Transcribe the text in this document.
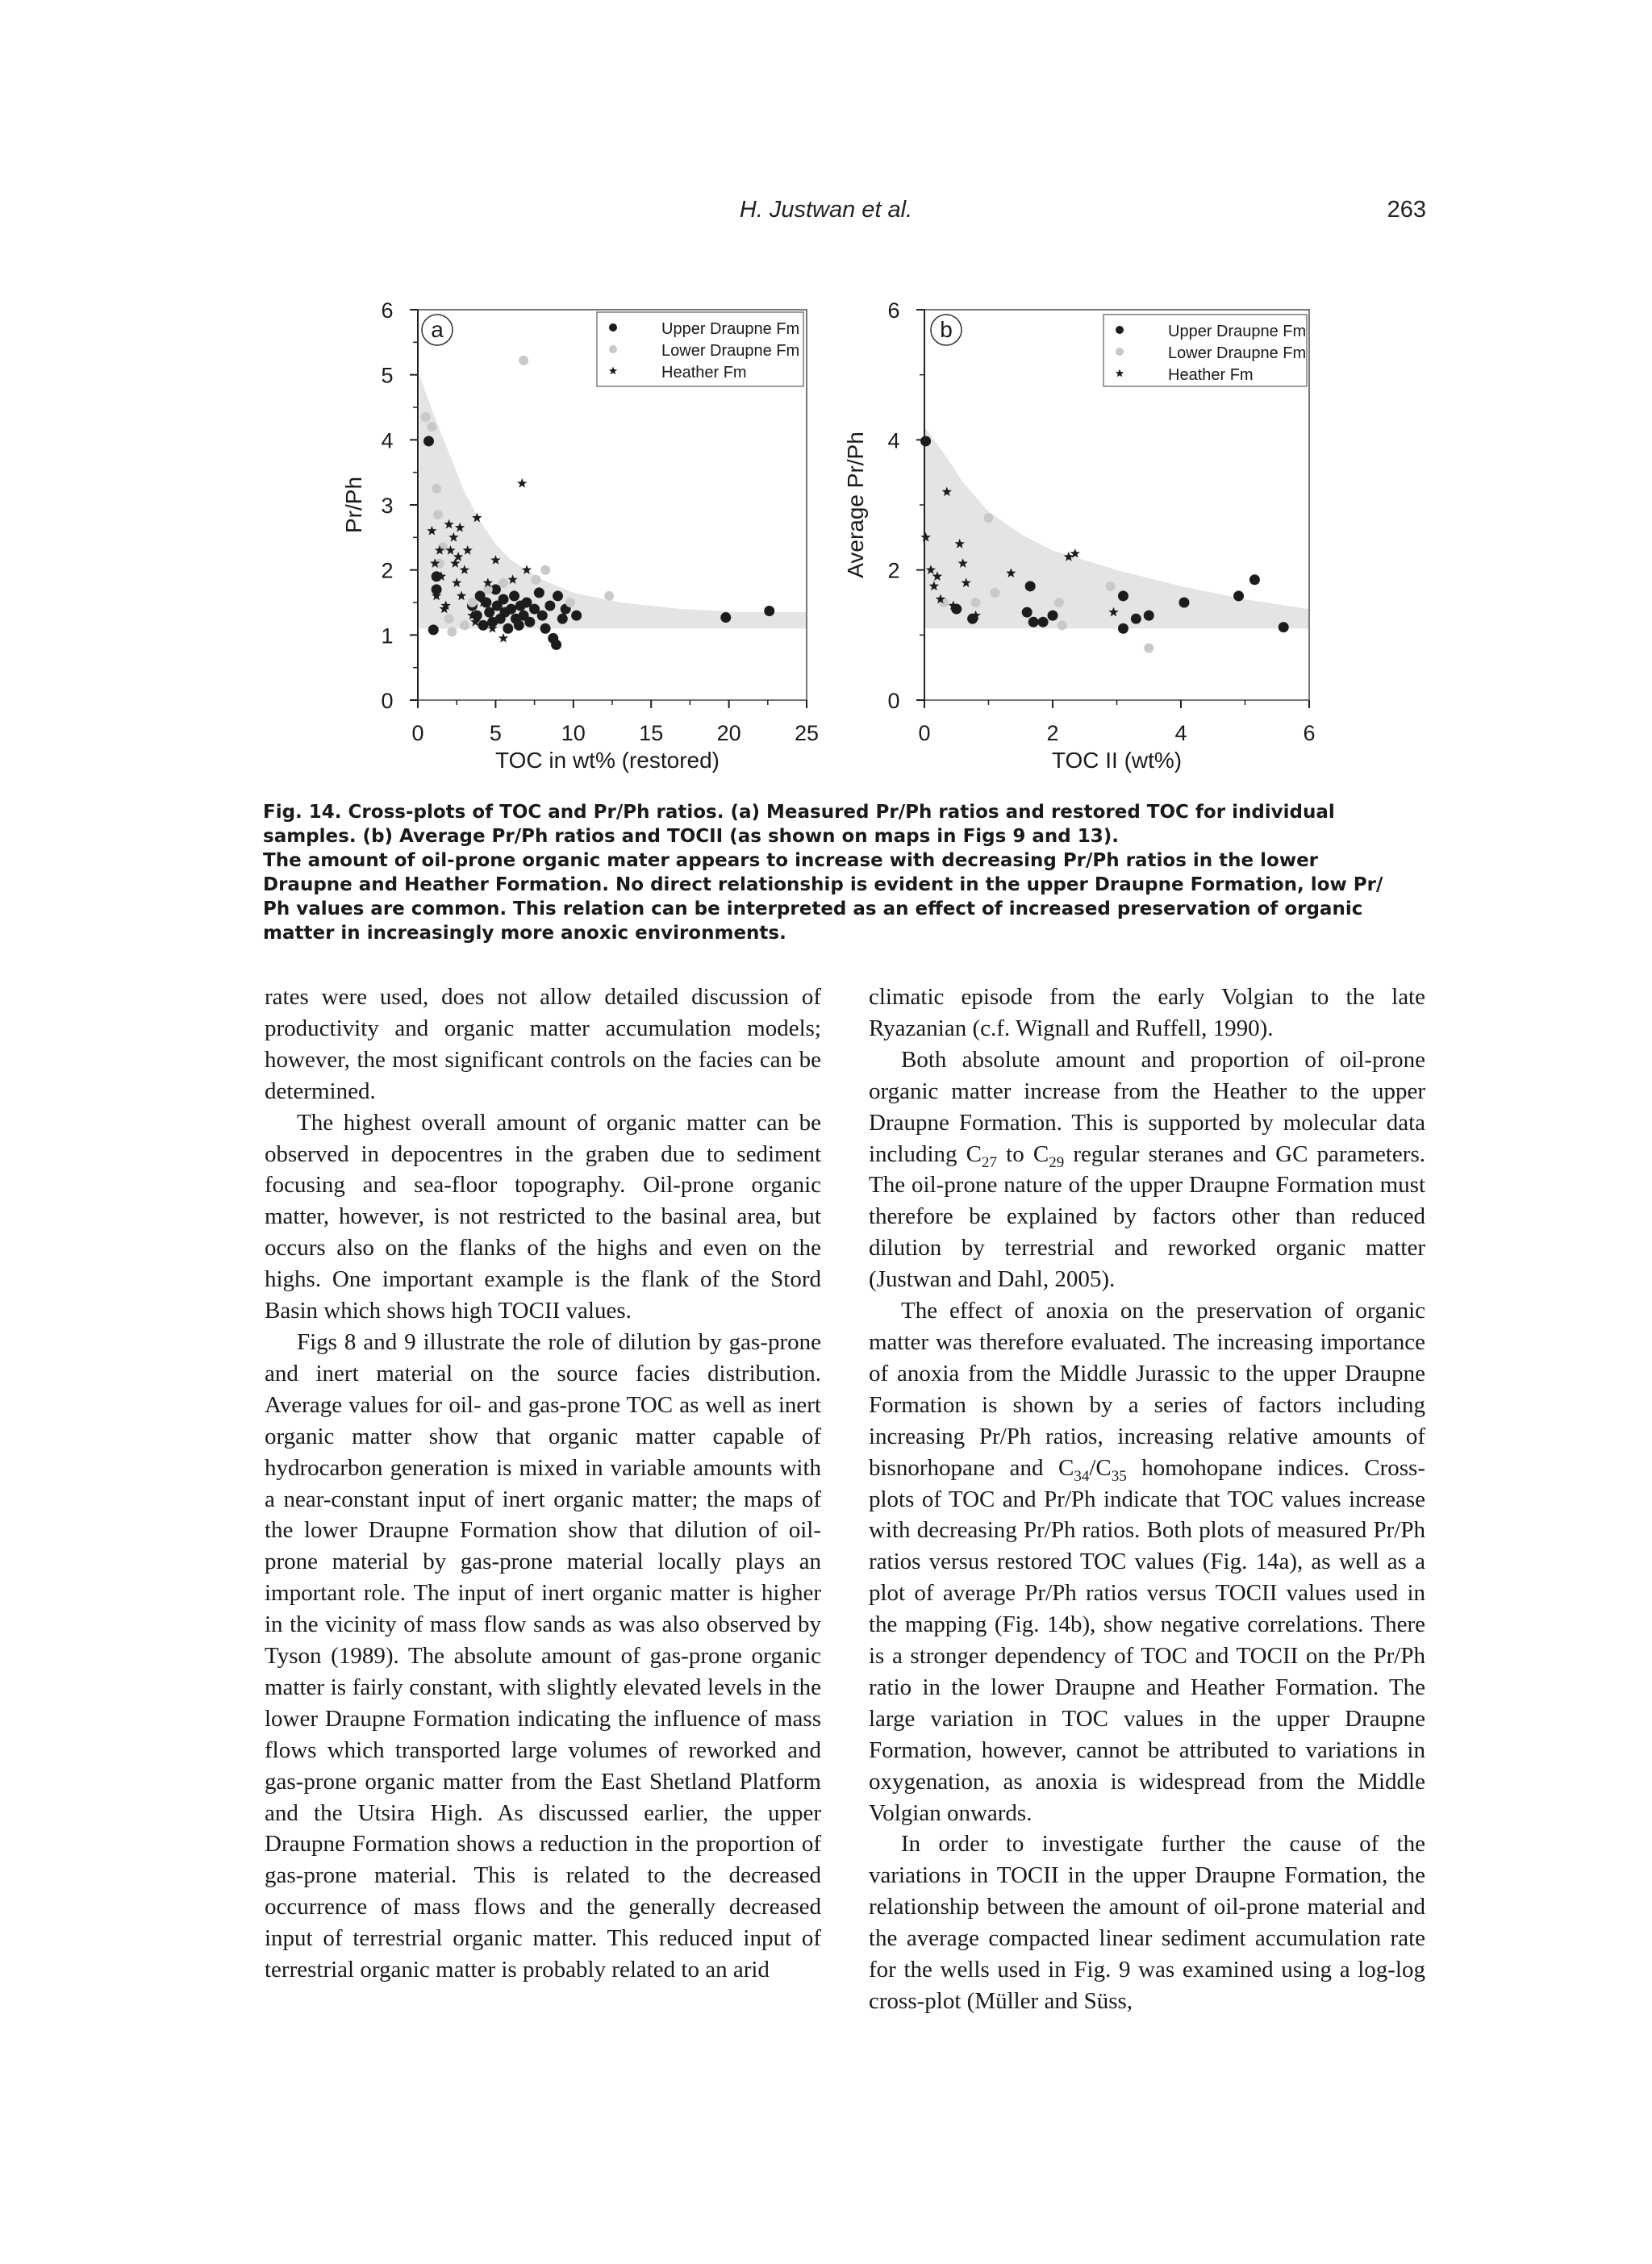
H. Justwan et al.	263
0
1
2
3
4
5
6
0	5	10 15 20 25
TOC in wt% (restored)
Pr/Ph
a	Upper Draupne Fm
Lower Draupne Fm
Heather Fm
0
2
4
6
0	2	4	6
TOC II (wt%)
Average Pr/Ph
b	Upper Draupne Fm
Lower Draupne Fm
Heather Fm

Fig. 14. Cross-plots of TOC and Pr/Ph ratios. (a) Measured Pr/Ph ratios and restored TOC for individual

samples. (b) Average Pr/Ph ratios and TOCII (as shown on maps in Figs 9 and 13).

The amount of oil-prone organic mater appears to increase with decreasing Pr/Ph ratios in the lower

Draupne and Heather Formation. No direct relationship is evident in the upper Draupne Formation, low Pr/

Ph values are common. This relation can be interpreted as an effect of increased preservation of organic

matter in increasingly more anoxic environments.

rates were used, does not allow detailed discussion of productivity and organic matter accumulation models; however, the most significant controls on the facies can be determined.

The highest overall amount of organic matter can be observed in depocentres in the graben due to sediment focusing and sea-floor topography. Oil-prone organic matter, however, is not restricted to the basinal area, but occurs also on the flanks of the highs and even on the highs. One important example is the flank of the Stord Basin which shows high TOCII values.

Figs 8 and 9 illustrate the role of dilution by gas-prone and inert material on the source facies distribution. Average values for oil- and gas-prone TOC as well as inert organic matter show that organic matter capable of hydrocarbon generation is mixed in variable amounts with a near-constant input of inert organic matter; the maps of the lower Draupne Formation show that dilution of oil-prone material by gas-prone material locally plays an important role. The input of inert organic matter is higher in the vicinity of mass flow sands as was also observed by Tyson (1989). The absolute amount of gas-prone organic matter is fairly constant, with slightly elevated levels in the lower Draupne Formation indicating the influence of mass flows which transported large volumes of reworked and gas-prone organic matter from the East Shetland Platform and the Utsira High. As discussed earlier, the upper Draupne Formation shows a reduction in the proportion of gas-prone material. This is related to the decreased occurrence of mass flows and the generally decreased input of terrestrial organic matter. This reduced input of terrestrial organic matter is probably related to an arid

climatic episode from the early Volgian to the late Ryazanian (c.f. Wignall and Ruffell, 1990).

Both absolute amount and proportion of oil-prone organic matter increase from the Heather to the upper Draupne Formation. This is supported by molecular data including $C_{27}$ to $C_{29}$ regular steranes and GC parameters. The oil-prone nature of the upper Draupne Formation must therefore be explained by factors other than reduced dilution by terrestrial and reworked organic matter (Justwan and Dahl, 2005).

The effect of anoxia on the preservation of organic matter was therefore evaluated. The increasing importance of anoxia from the Middle Jurassic to the upper Draupne Formation is shown by a series of factors including increasing Pr/Ph ratios, increasing relative amounts of bisnorhopane and $C_{34}/C_{35}$ homohopane indices. Cross-plots of TOC and Pr/Ph indicate that TOC values increase with decreasing Pr/Ph ratios. Both plots of measured Pr/Ph ratios versus restored TOC values (Fig. 14a), as well as a plot of average Pr/Ph ratios versus TOCII values used in the mapping (Fig. 14b), show negative correlations. There is a stronger dependency of TOC and TOCII on the Pr/Ph ratio in the lower Draupne and Heather Formation. The large variation in TOC values in the upper Draupne Formation, however, cannot be attributed to variations in oxygenation, as anoxia is widespread from the Middle Volgian onwards.

In order to investigate further the cause of the variations in TOCII in the upper Draupne Formation, the relationship between the amount of oil-prone material and the average compacted linear sediment accumulation rate for the wells used in Fig. 9 was examined using a log-log cross-plot (Müller and Süss,
